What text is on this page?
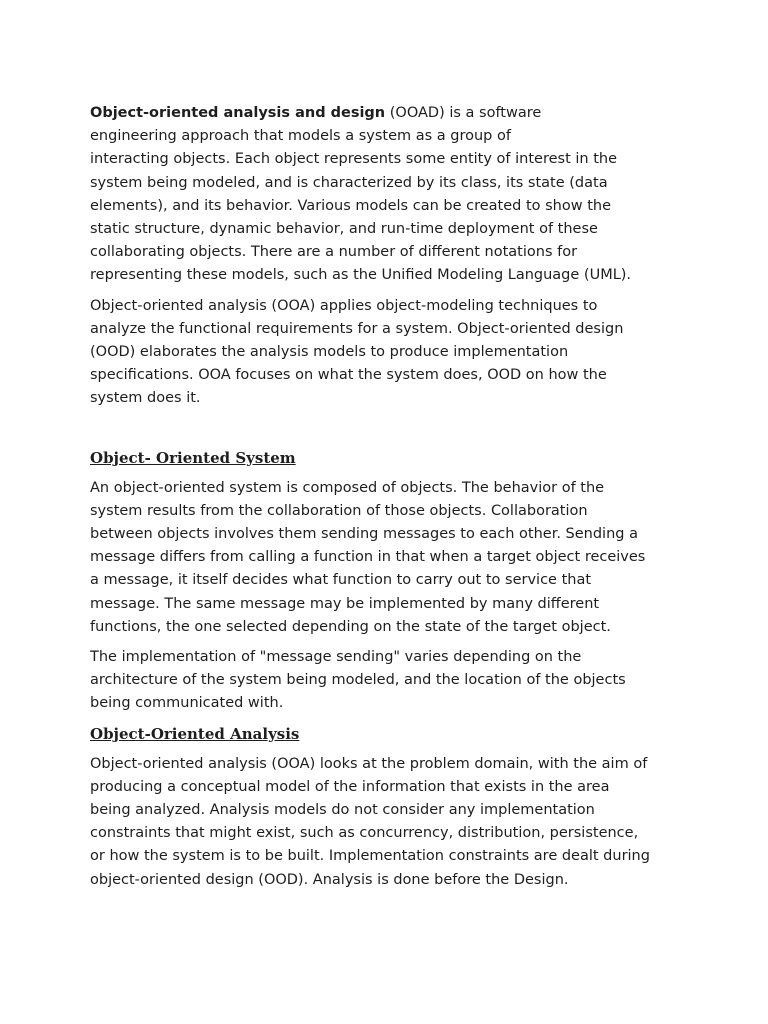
Object-oriented analysis and design (OOAD) is a software
engineering approach that models a system as a group of
interacting objects. Each object represents some entity of interest in the
system being modeled, and is characterized by its class, its state (data
elements), and its behavior. Various models can be created to show the
static structure, dynamic behavior, and run-time deployment of these
collaborating objects. There are a number of different notations for
representing these models, such as the Unified Modeling Language (UML).

Object-oriented analysis (OOA) applies object-modeling techniques to
analyze the functional requirements for a system. Object-oriented design
(OOD) elaborates the analysis models to produce implementation
specifications. OOA focuses on what the system does, OOD on how the
system does it.

Object- Oriented System

An object-oriented system is composed of objects. The behavior of the
system results from the collaboration of those objects. Collaboration
between objects involves them sending messages to each other. Sending a
message differs from calling a function in that when a target object receives
a message, it itself decides what function to carry out to service that
message. The same message may be implemented by many different
functions, the one selected depending on the state of the target object.

The implementation of "message sending" varies depending on the
architecture of the system being modeled, and the location of the objects
being communicated with.

Object-Oriented Analysis

Object-oriented analysis (OOA) looks at the problem domain, with the aim of
producing a conceptual model of the information that exists in the area
being analyzed. Analysis models do not consider any implementation
constraints that might exist, such as concurrency, distribution, persistence,
or how the system is to be built. Implementation constraints are dealt during
object-oriented design (OOD). Analysis is done before the Design.
